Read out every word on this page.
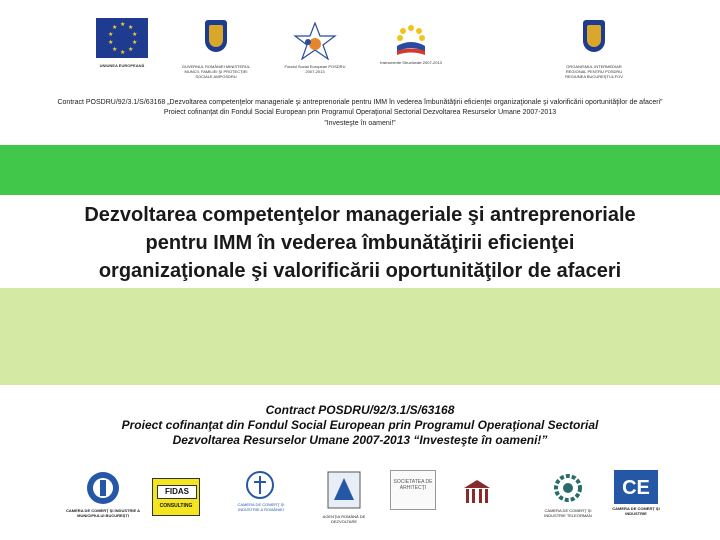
★ ★
★
★
★
★
★
★
★
★
UNIUNEA EUROPEANĂ	GUVERNUL ROMÂNIEI MINISTERUL MUNCII, FAMILIEI ŞI PROTECŢIEI SOCIALE AMPOSDRU
Fondul Social European POSDRU 2007-2013
Instrumente Structurale 2007-2013
ORGANISMUL INTERMEDIAR REGIONAL PENTRU POSDRU REGIUNEA BUCUREŞTI-ILFOV
Contract POSDRU/92/3.1/S/63168 „Dezvoltarea competenţelor manageriale şi antreprenoriale pentru IMM în vederea îmbunătăţirii eficienţei organizaţionale şi valorificării oportunităţilor de afaceri”
Proiect cofinanţat din Fondul Social European prin Programul Operaţional Sectorial Dezvoltarea Resurselor Umane 2007-2013
”Investeşte în oameni!”
Dezvoltarea competenţelor manageriale şi antreprenoriale
pentru IMM în vederea îmbunătăţirii eficienţei
organizaţionale şi valorificării oportunităţilor de afaceri
Contract POSDRU/92/3.1/S/63168
Proiect cofinanţat din Fondul Social European prin Programul Operaţional Sectorial
Dezvoltarea Resurselor Umane 2007-2013 “Investeşte în oameni!”
CAMERA DE COMERŢ ŞI INDUSTRIE A MUNICIPIULUI BUCUREŞTI
FIDAS
CONSULTING	CAMERA DE COMERŢ ŞI INDUSTRIE A ROMÂNIEI
AGENŢIA ROMÂNĂ DE DEZVOLTARE
SOCIETATEA DE ARHITECŢI
CAMERA DE COMERŢ ŞI INDUSTRIE TELEORMAN
CE
CAMERA DE COMERŢ ŞI INDUSTRIE
